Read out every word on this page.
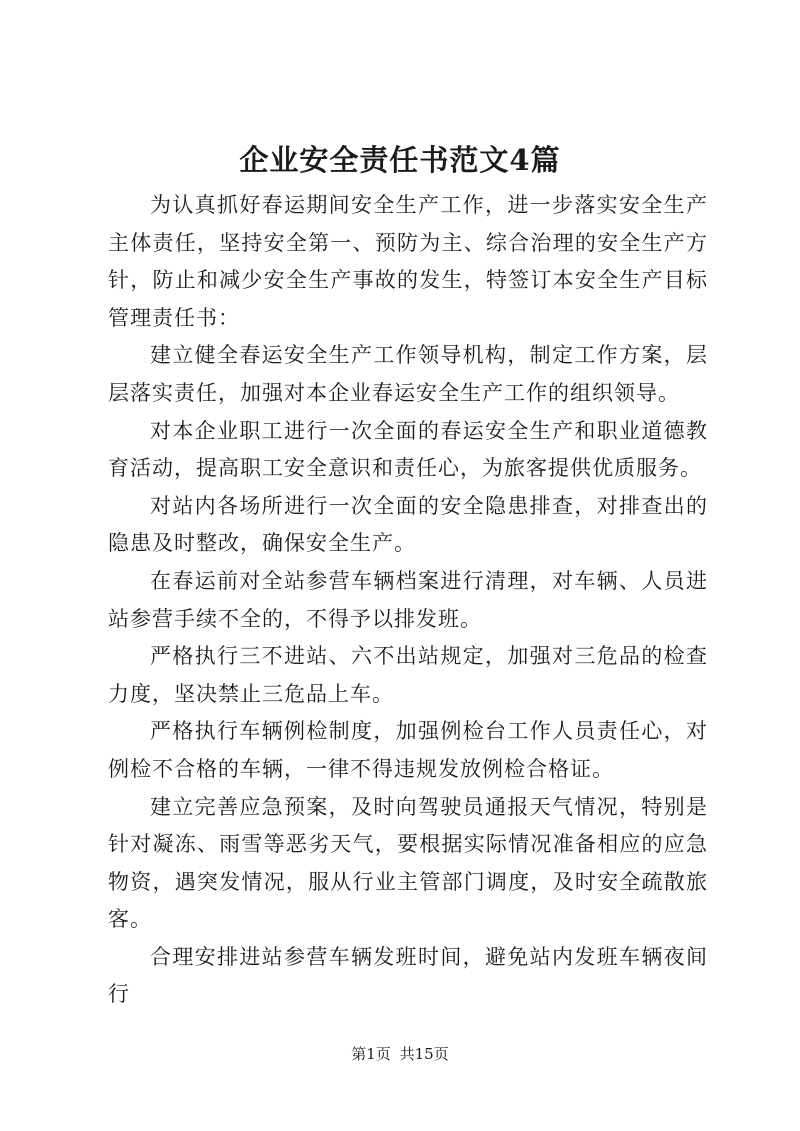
企业安全责任书范文4篇

为认真抓好春运期间安全生产工作，进一步落实安全生产主体责任，坚持安全第一、预防为主、综合治理的安全生产方针，防止和减少安全生产事故的发生，特签订本安全生产目标管理责任书：

建立健全春运安全生产工作领导机构，制定工作方案，层层落实责任，加强对本企业春运安全生产工作的组织领导。

对本企业职工进行一次全面的春运安全生产和职业道德教育活动，提高职工安全意识和责任心，为旅客提供优质服务。

对站内各场所进行一次全面的安全隐患排查，对排查出的隐患及时整改，确保安全生产。

在春运前对全站参营车辆档案进行清理，对车辆、人员进站参营手续不全的，不得予以排发班。

严格执行三不进站、六不出站规定，加强对三危品的检查力度，坚决禁止三危品上车。

严格执行车辆例检制度，加强例检台工作人员责任心，对例检不合格的车辆，一律不得违规发放例检合格证。

建立完善应急预案，及时向驾驶员通报天气情况，特别是针对凝冻、雨雪等恶劣天气，要根据实际情况准备相应的应急物资，遇突发情况，服从行业主管部门调度，及时安全疏散旅客。

合理安排进站参营车辆发班时间，避免站内发班车辆夜间行

第1页 共15页
